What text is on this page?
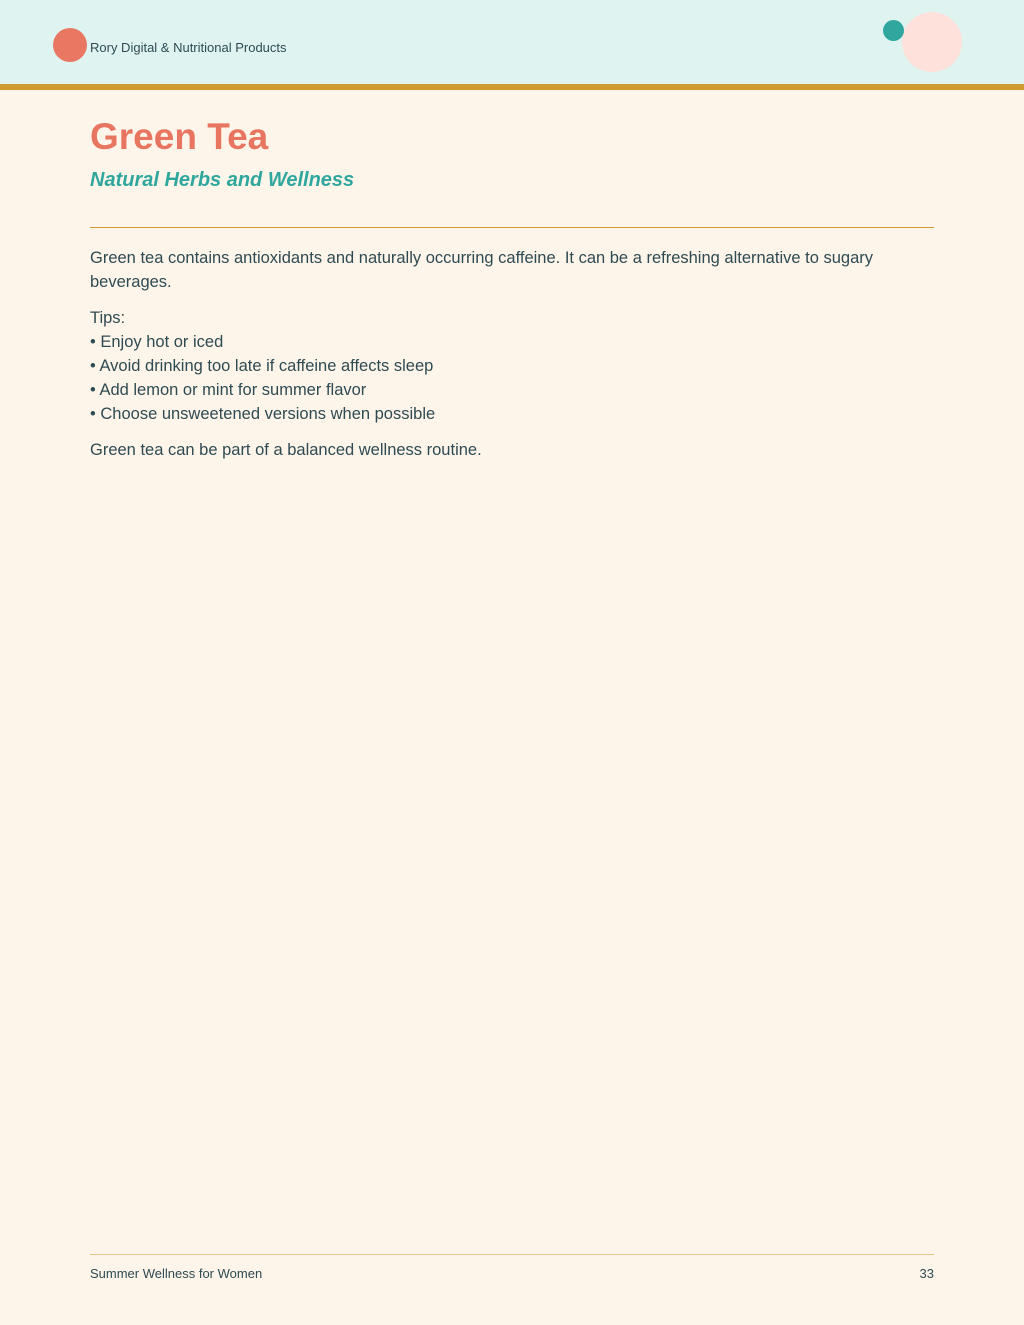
Rory Digital & Nutritional Products
Green Tea
Natural Herbs and Wellness

Green tea contains antioxidants and naturally occurring caffeine. It can be a refreshing alternative to sugary beverages.

Tips:

• Enjoy hot or iced
• Avoid drinking too late if caffeine affects sleep
• Add lemon or mint for summer flavor
• Choose unsweetened versions when possible

Green tea can be part of a balanced wellness routine.

Summer Wellness for Women	33
